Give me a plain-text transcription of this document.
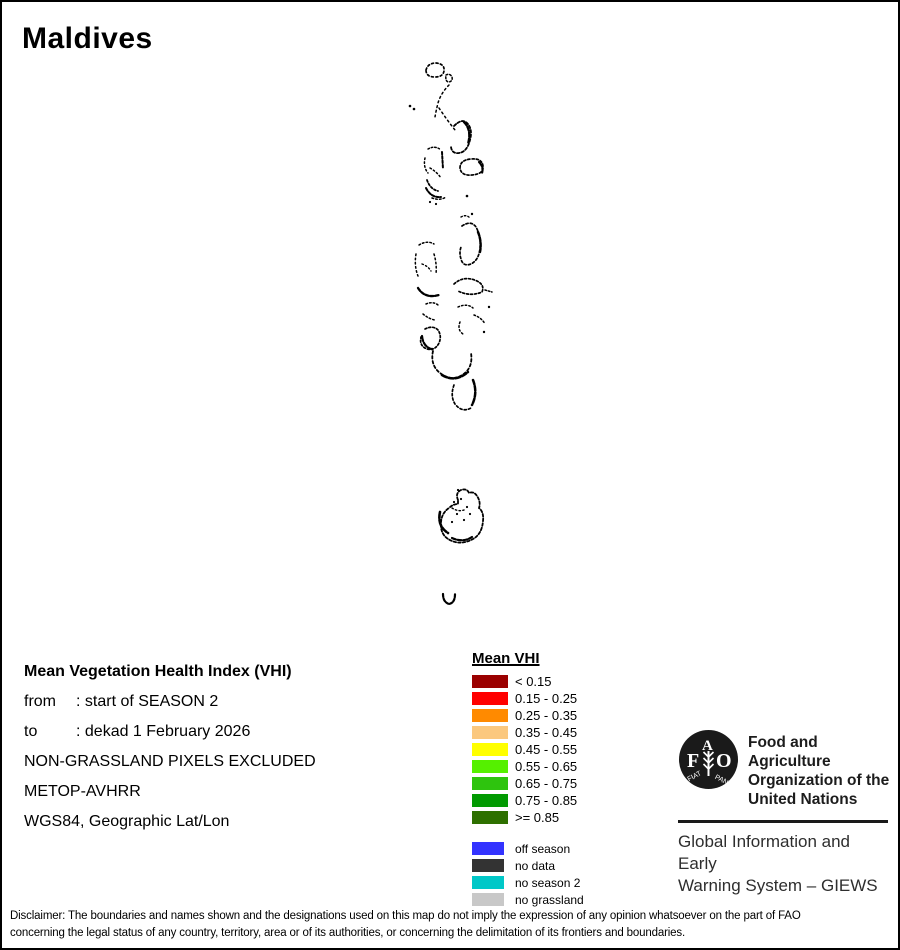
Maldives
Mean Vegetation Health Index (VHI)
from : start of SEASON 2
to : dekad 1 February 2026
NON-GRASSLAND PIXELS EXCLUDED
METOP-AVHRR
WGS84, Geographic Lat/Lon
Mean VHI
< 0.15
0.15 - 0.25
0.25 - 0.35
0.35 - 0.45
0.45 - 0.55
0.55 - 0.65
0.65 - 0.75
0.75 - 0.85
>= 0.85
off season
no data
no season 2
no grassland
F
A
O
FIAT PANIS
Food and Agriculture
Organization of the
United Nations
Global Information and Early
Warning System – GIEWS
Disclaimer: The boundaries and names shown and the designations used on this map do not imply the expression of any opinion whatsoever on the part of FAO
concerning the legal status of any country, territory, area or of its authorities, or concerning the delimitation of its frontiers and boundaries.
